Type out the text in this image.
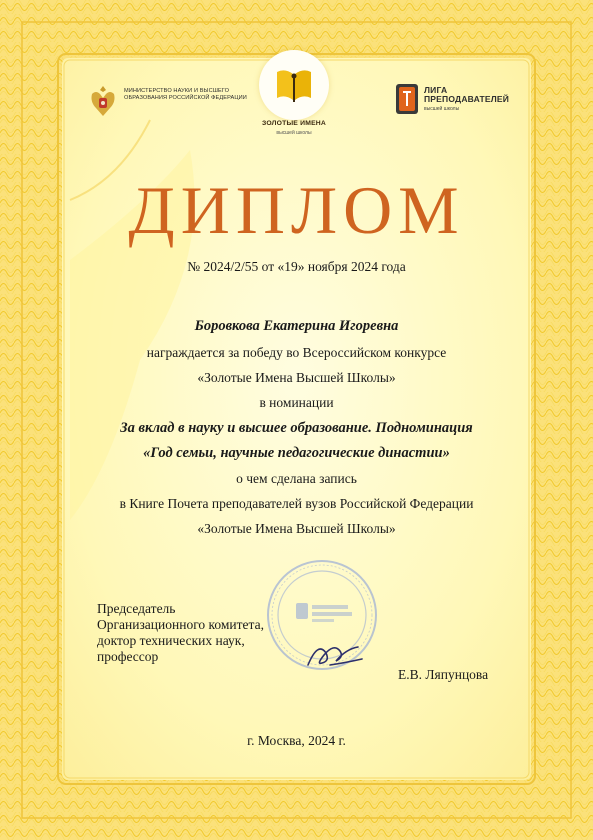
МИНИСТЕРСТВО НАУКИ И ВЫСШЕГО ОБРАЗОВАНИЯ РОССИЙСКОЙ ФЕДЕРАЦИИ
ЗОЛОТЫЕ ИМЕНА
высшей школы
ЛИГА ПРЕПОДАВАТЕЛЕЙ
высшей школы
ДИПЛОМ
№ 2024/2/55 от «19» ноября 2024 года
Боровкова Екатерина Игоревна
награждается за победу во Всероссийском конкурсе
«Золотые Имена Высшей Школы»
в номинации
За вклад в науку и высшее образование. Подноминация
«Год семьи, научные педагогические династии»
о чем сделана запись
в Книге Почета преподавателей вузов Российской Федерации
«Золотые Имена Высшей Школы»
Председатель
Организационного комитета,
доктор технических наук,
профессор
Е.В. Ляпунцова
г. Москва, 2024 г.
